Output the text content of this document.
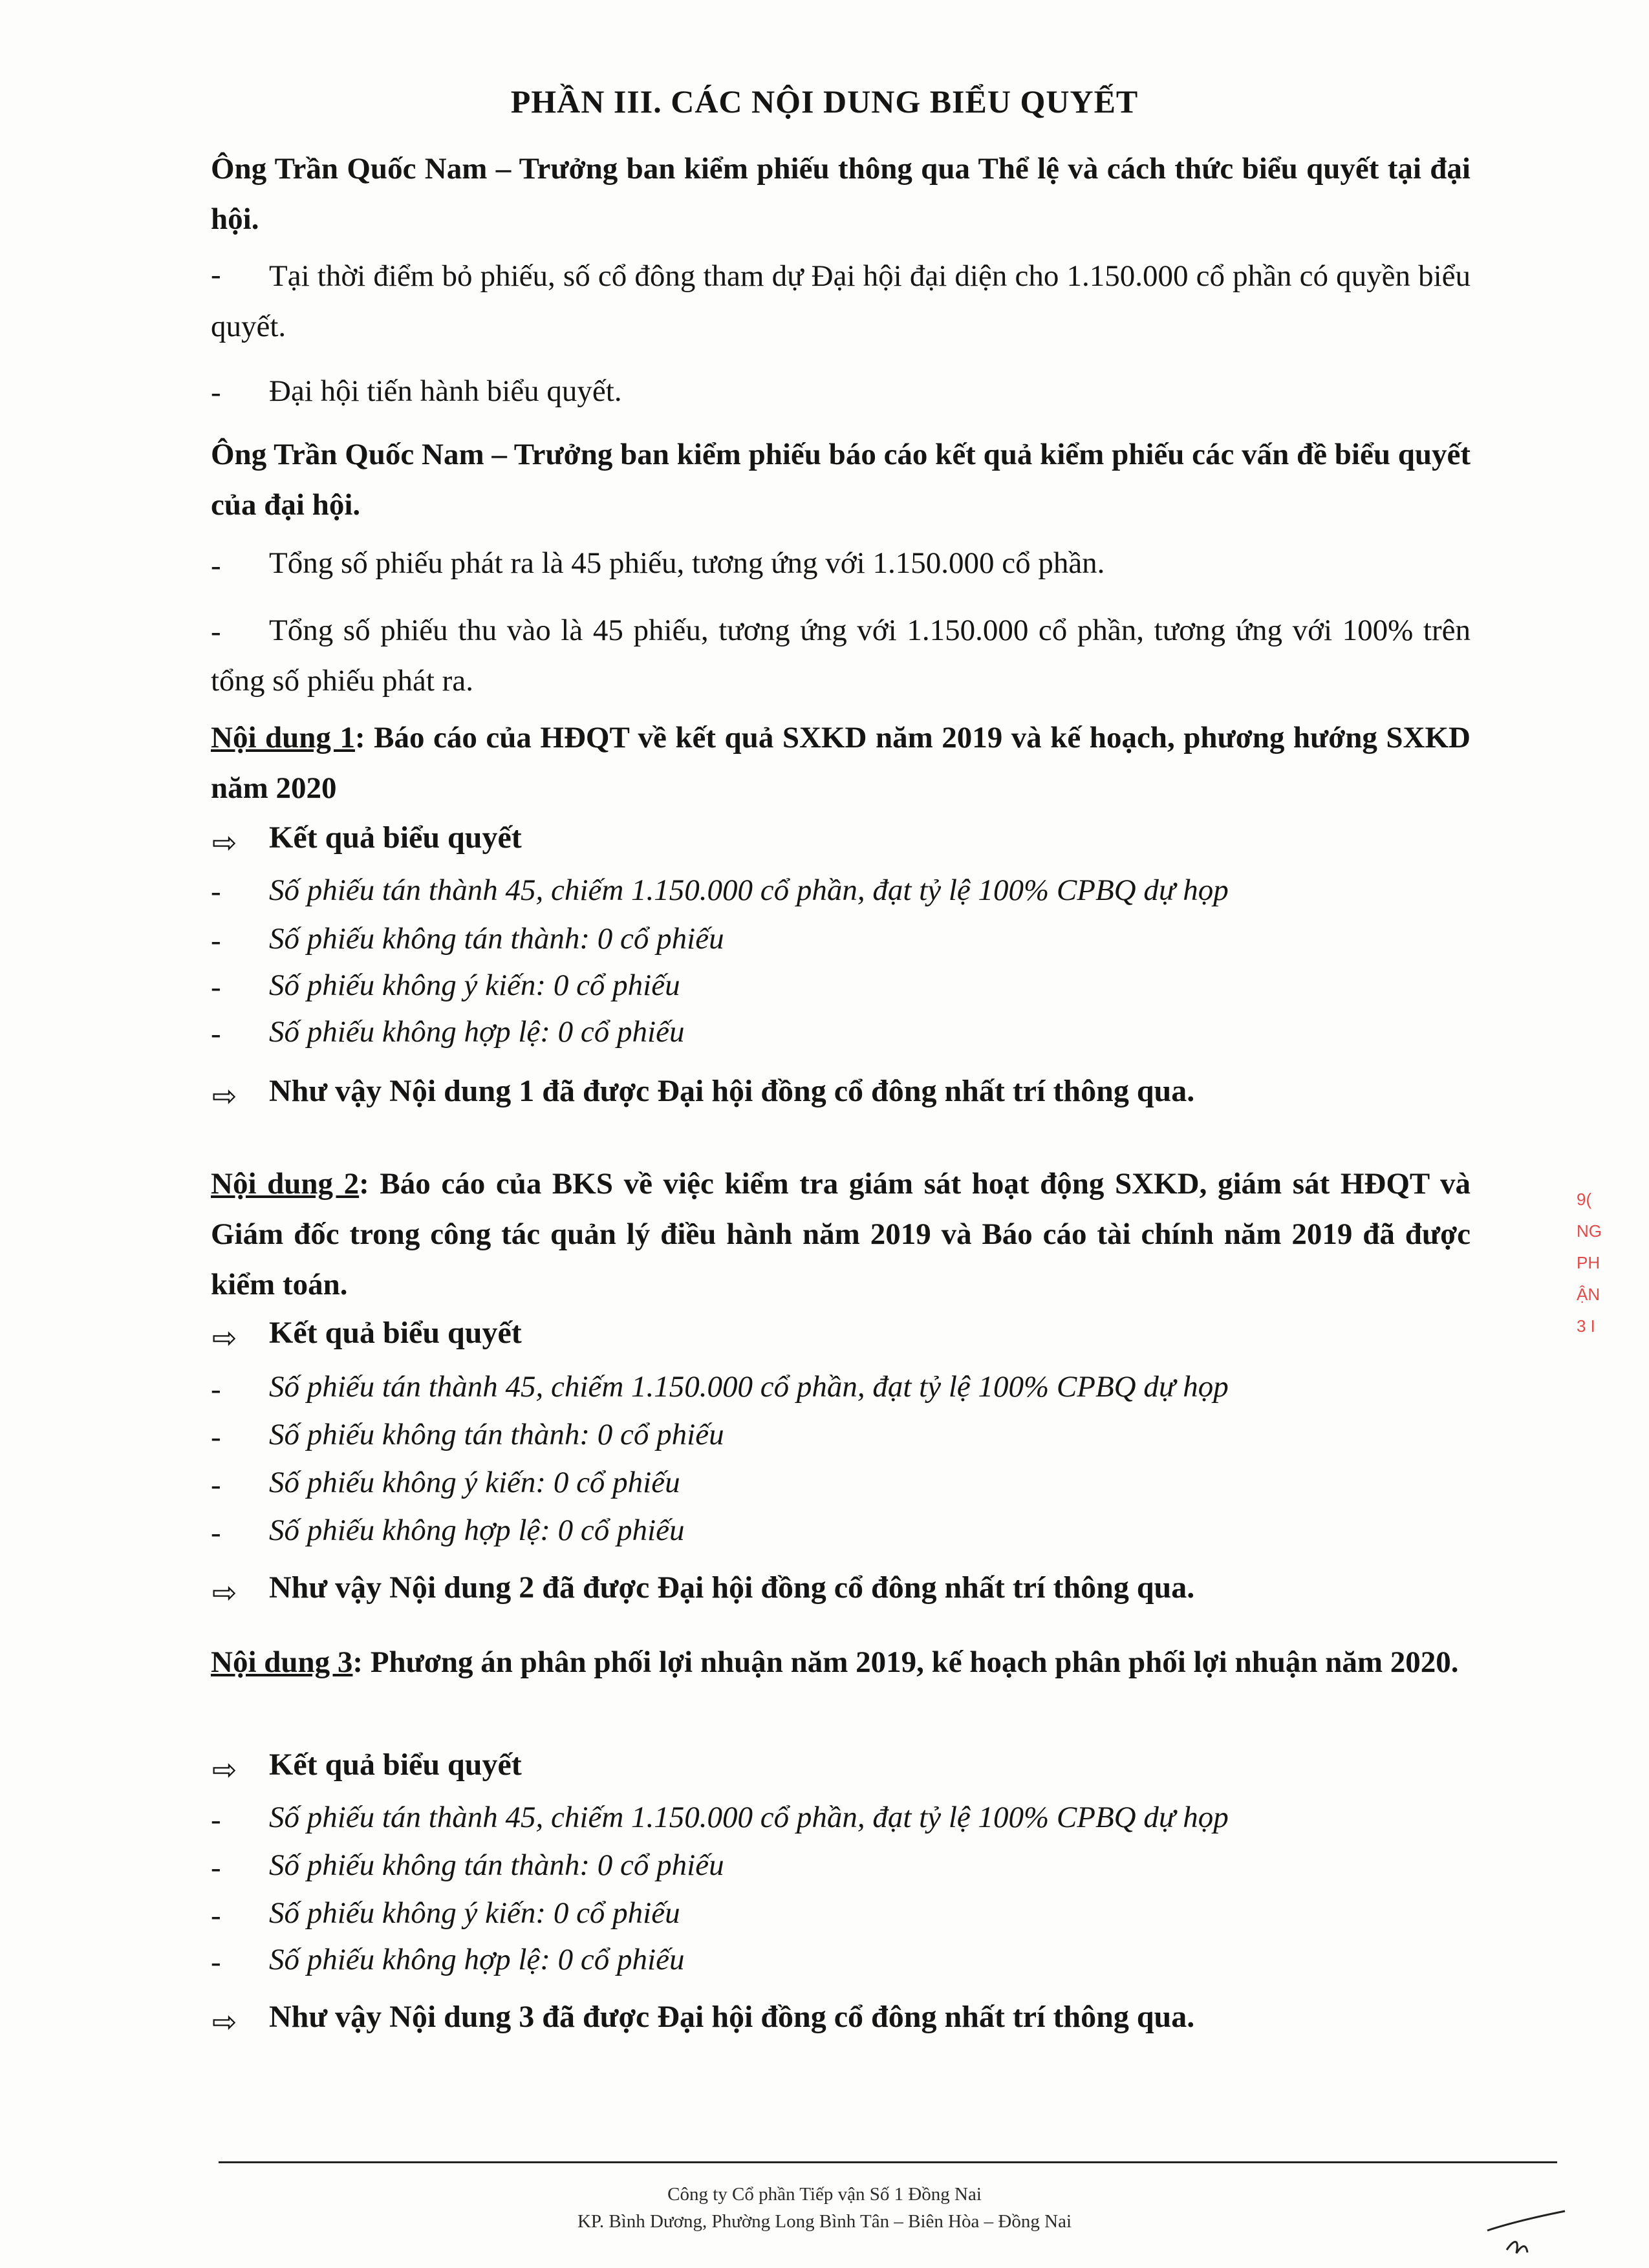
PHẦN III. CÁC NỘI DUNG BIỂU QUYẾT
Ông Trần Quốc Nam – Trưởng ban kiểm phiếu thông qua Thể lệ và cách thức biểu quyết tại đại hội.
-	Tại thời điểm bỏ phiếu, số cổ đông tham dự Đại hội đại diện cho 1.150.000 cổ phần có quyền biểu quyết.
- Đại hội tiến hành biểu quyết.
Ông Trần Quốc Nam – Trưởng ban kiểm phiếu báo cáo kết quả kiểm phiếu các vấn đề biểu quyết của đại hội.
- Tổng số phiếu phát ra là 45 phiếu, tương ứng với 1.150.000 cổ phần.
-	Tổng số phiếu thu vào là 45 phiếu, tương ứng với 1.150.000 cổ phần, tương ứng với 100% trên tổng số phiếu phát ra.
Nội dung 1: Báo cáo của HĐQT về kết quả SXKD năm 2019 và kế hoạch, phương hướng SXKD năm 2020
⇨ Kết quả biểu quyết
- Số phiếu tán thành 45, chiếm 1.150.000 cổ phần, đạt tỷ lệ 100% CPBQ dự họp
- Số phiếu không tán thành: 0 cổ phiếu
- Số phiếu không ý kiến: 0 cổ phiếu
- Số phiếu không hợp lệ: 0 cổ phiếu
⇨ Như vậy Nội dung 1 đã được Đại hội đồng cổ đông nhất trí thông qua.
Nội dung 2: Báo cáo của BKS về việc kiểm tra giám sát hoạt động SXKD, giám sát HĐQT và Giám đốc trong công tác quản lý điều hành năm 2019 và Báo cáo tài chính năm 2019 đã được kiểm toán.
⇨ Kết quả biểu quyết
- Số phiếu tán thành 45, chiếm 1.150.000 cổ phần, đạt tỷ lệ 100% CPBQ dự họp
- Số phiếu không tán thành: 0 cổ phiếu
- Số phiếu không ý kiến: 0 cổ phiếu
- Số phiếu không hợp lệ: 0 cổ phiếu
⇨ Như vậy Nội dung 2 đã được Đại hội đồng cổ đông nhất trí thông qua.
Nội dung 3: Phương án phân phối lợi nhuận năm 2019, kế hoạch phân phối lợi nhuận năm 2020.
⇨ Kết quả biểu quyết
- Số phiếu tán thành 45, chiếm 1.150.000 cổ phần, đạt tỷ lệ 100% CPBQ dự họp
- Số phiếu không tán thành: 0 cổ phiếu
- Số phiếu không ý kiến: 0 cổ phiếu
- Số phiếu không hợp lệ: 0 cổ phiếu
⇨ Như vậy Nội dung 3 đã được Đại hội đồng cổ đông nhất trí thông qua.
Công ty Cổ phần Tiếp vận Số 1 Đồng Nai
KP. Bình Dương, Phường Long Bình Tân – Biên Hòa – Đồng Nai
9(
NG
PH
ẬN
3 I
